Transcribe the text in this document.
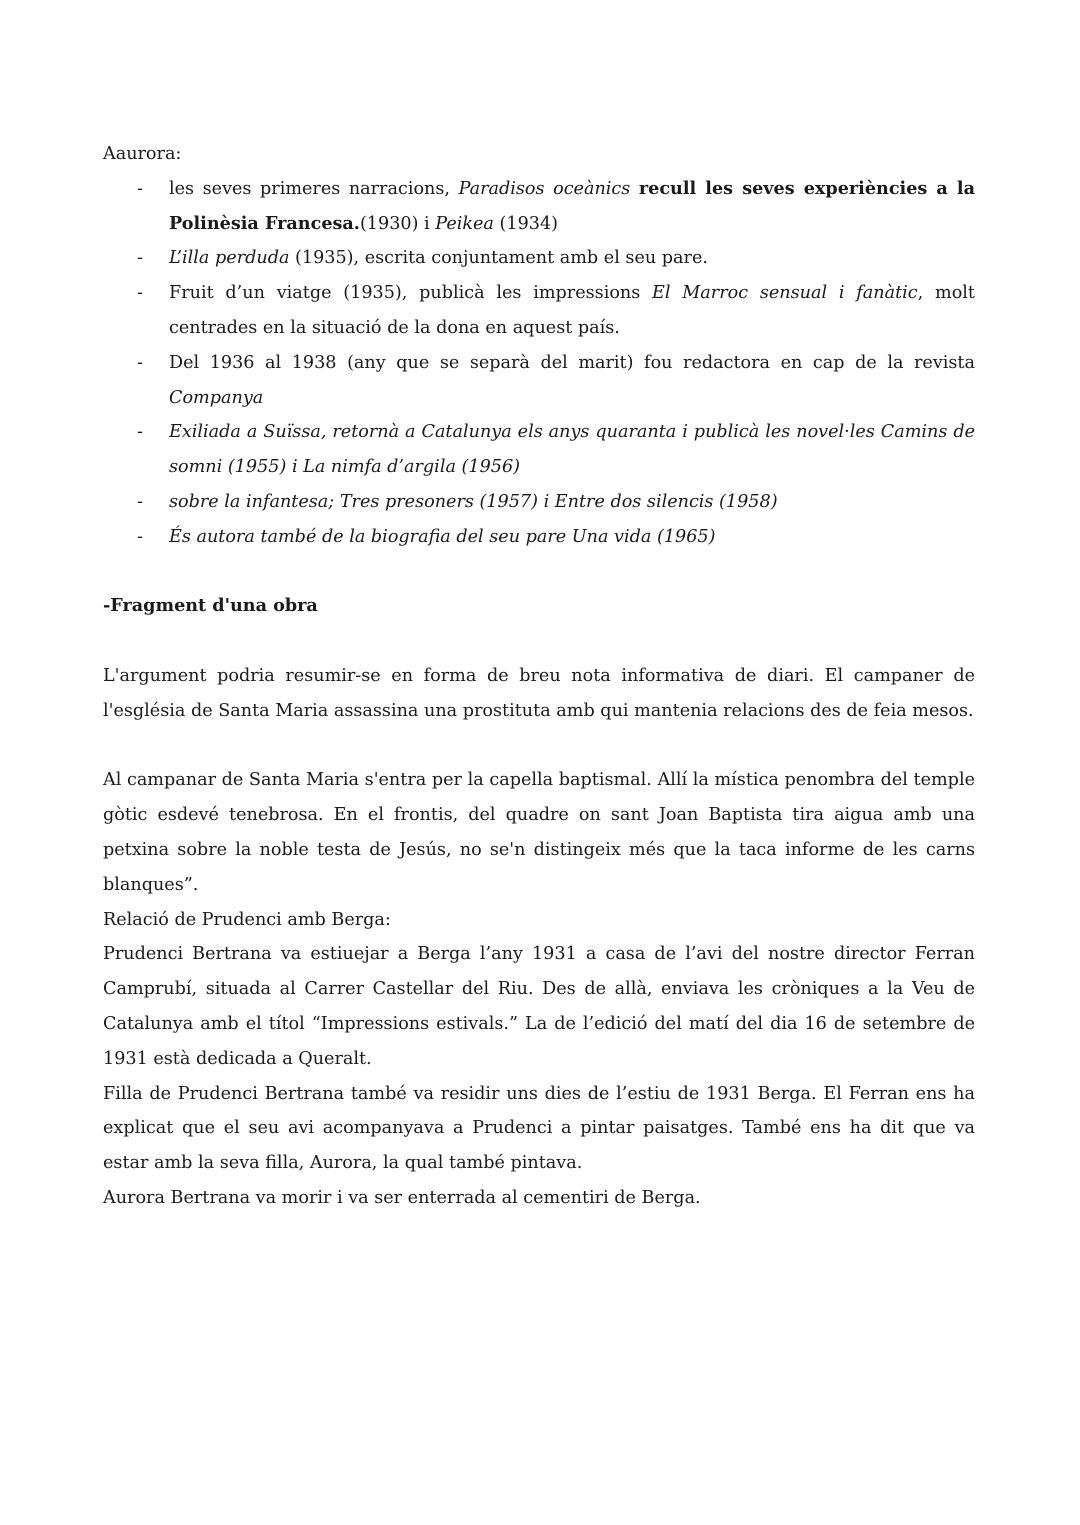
Aaurora:

- les seves primeres narracions, Paradisos oceànics recull les seves experiències a la Polinèsia Francesa.(1930) i Peikea (1934)
- L’illa perduda (1935), escrita conjuntament amb el seu pare.
- Fruit d’un viatge (1935), publicà les impressions El Marroc sensual i fanàtic, molt centrades en la situació de la dona en aquest país.
- Del 1936 al 1938 (any que se separà del marit) fou redactora en cap de la revista Companya
- Exiliada a Suïssa, retornà a Catalunya els anys quaranta i publicà les novel·les Camins de somni (1955) i La nimfa d’argila (1956)
- sobre la infantesa; Tres presoners (1957) i Entre dos silencis (1958)
- És autora també de la biografia del seu pare Una vida (1965)

-Fragment d'una obra

L'argument podria resumir-se en forma de breu nota informativa de diari. El campaner de l'església de Santa Maria assassina una prostituta amb qui mantenia relacions des de feia mesos.

Al campanar de Santa Maria s'entra per la capella baptismal. Allí la mística penombra del temple gòtic esdevé tenebrosa. En el frontis, del quadre on sant Joan Baptista tira aigua amb una petxina sobre la noble testa de Jesús, no se'n distingeix més que la taca informe de les carns blanques”.

Relació de Prudenci amb Berga:

Prudenci Bertrana va estiuejar a Berga l’any 1931 a casa de l’avi del nostre director Ferran Camprubí, situada al Carrer Castellar del Riu. Des de allà, enviava les cròniques a la Veu de Catalunya amb el títol “Impressions estivals.” La de l’edició del matí del dia 16 de setembre de 1931 està dedicada a Queralt.

Filla de Prudenci Bertrana també va residir uns dies de l’estiu de 1931 Berga. El Ferran ens ha explicat que el seu avi acompanyava a Prudenci a pintar paisatges. També ens ha dit que va estar amb la seva filla, Aurora, la qual també pintava.

Aurora Bertrana va morir i va ser enterrada al cementiri de Berga.
